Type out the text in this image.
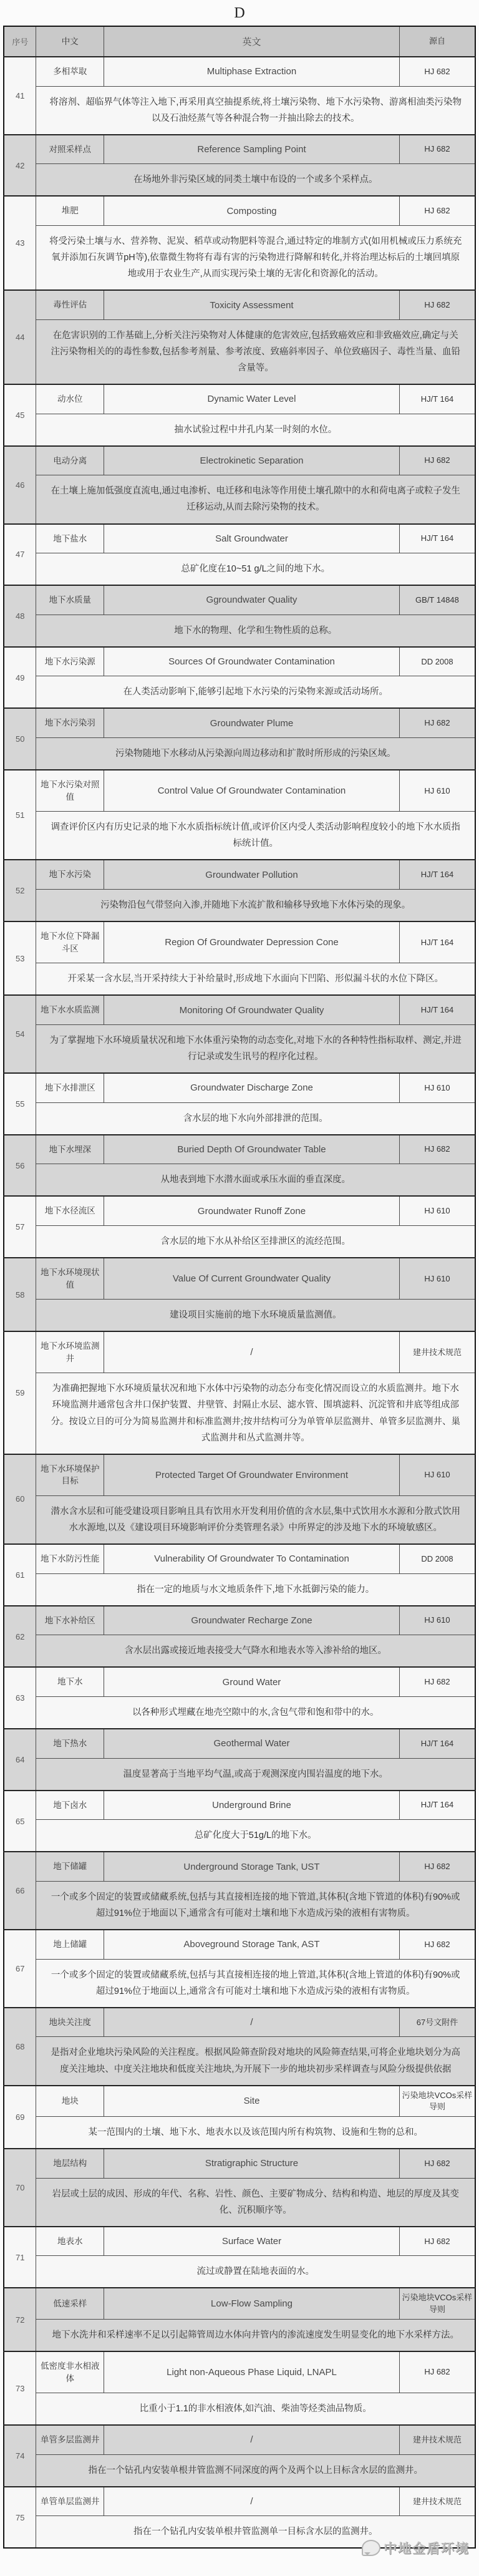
D
序号	中文	英文	源自
41	多相萃取	Multiphase Extraction	HJ 682
	将溶剂、超临界气体等注入地下,再采用真空抽提系统,将土壤污染物、地下水污染物、游离相油类污染物以及石油烃蒸气等各种混合物一并抽出除去的技术。		
42	对照采样点	Reference Sampling Point	HJ 682
	在场地外非污染区域的同类土壤中布设的一个或多个采样点。		
43	堆肥	Composting	HJ 682
	将受污染土壤与水、营养物、泥炭、稻草或动物肥料等混合,通过特定的堆制方式(如用机械或压力系统充氧并添加石灰调节pH等),依靠微生物将有毒有害的污染物进行降解和转化,并将治理达标后的土壤回填原地或用于农业生产,从而实现污染土壤的无害化和资源化的活动。		
44	毒性评估	Toxicity Assessment	HJ 682
	在危害识别的工作基础上,分析关注污染物对人体健康的危害效应,包括致癌效应和非致癌效应,确定与关注污染物相关的的毒性参数,包括参考剂量、参考浓度、致癌斜率因子、单位致癌因子、毒性当量、血铅含量等。		
45	动水位	Dynamic Water Level	HJ/T 164
	抽水试验过程中井孔内某一时刻的水位。		
46	电动分离	Electrokinetic Separation	HJ 682
	在土壤上施加低强度直流电,通过电渗析、电迁移和电泳等作用使土壤孔隙中的水和荷电离子或粒子发生迁移运动,从而去除污染物的技术。		
47	地下盐水	Salt Groundwater	HJ/T 164
	总矿化度在10~51 g/L之间的地下水。		
48	地下水质量	Ggroundwater Quality	GB/T 14848
	地下水的物理、化学和生物性质的总称。		
49	地下水污染源	Sources Of Groundwater Contamination	DD 2008
	在人类活动影响下,能够引起地下水污染的污染物来源或活动场所。		
50	地下水污染羽	Groundwater Plume	HJ 682
	污染物随地下水移动从污染源向周边移动和扩散时所形成的污染区域。		
51	地下水污染对照值	Control Value Of Groundwater Contamination	HJ 610
	调查评价区内有历史记录的地下水水质指标统计值,或评价区内受人类活动影响程度较小的地下水水质指标统计值。		
52	地下水污染	Groundwater Pollution	HJ/T 164
	污染物沿包气带竖向入渗,并随地下水流扩散和输移导致地下水体污染的现象。		
53	地下水位下降漏斗区	Region Of Groundwater Depression Cone	HJ/T 164
	开采某一含水层,当开采持续大于补给量时,形成地下水面向下凹陷、形似漏斗状的水位下降区。		
54	地下水水质监测	Monitoring Of Groundwater Quality	HJ/T 164
	为了掌握地下水环境质量状况和地下水体重污染物的动态变化,对地下水的各种特性指标取样、测定,并进行记录或发生讯号的程序化过程。		
55	地下水排泄区	Groundwater Discharge Zone	HJ 610
	含水层的地下水向外部排泄的范围。		
56	地下水埋深	Buried Depth Of Groundwater Table	HJ 682
	从地表到地下水潜水面或承压水面的垂直深度。		
57	地下水径流区	Groundwater Runoff Zone	HJ 610
	含水层的地下水从补给区至排泄区的流经范围。		
58	地下水环境现状值	Value Of Current Groundwater Quality	HJ 610
	建设项目实施前的地下水环境质量监测值。		
59	地下水环境监测井	/	建井技术规范
	为准确把握地下水环境质量状况和地下水体中污染物的动态分布变化情况而设立的水质监测井。地下水环境监测井通常包含井口保护装置、井壁管、封隔止水层、滤水管、围填滤料、沉淀管和井底等组成部分。按设立目的可分为简易监测井和标准监测井;按井结构可分为单管单层监测井、单管多层监测井、巢式监测井和丛式监测井等。		
60	地下水环境保护目标	Protected Target Of Groundwater Environment	HJ 610
	潜水含水层和可能受建设项目影响且具有饮用水开发利用价值的含水层,集中式饮用水水源和分散式饮用水水源地,以及《建设项目环境影响评价分类管理名录》中所界定的涉及地下水的环境敏感区。		
61	地下水防污性能	Vulnerability Of Groundwater To Contamination	DD 2008
	指在一定的地质与水文地质条件下,地下水抵御污染的能力。		
62	地下水补给区	Groundwater Recharge Zone	HJ 610
	含水层出露或接近地表接受大气降水和地表水等入渗补给的地区。		
63	地下水	Ground Water	HJ 682
	以各种形式埋藏在地壳空隙中的水,含包气带和饱和带中的水。		
64	地下热水	Geothermal Water	HJ/T 164
	温度显著高于当地平均气温,或高于观测深度内围岩温度的地下水。		
65	地下卤水	Underground Brine	HJ/T 164
	总矿化度大于51g/L的地下水。		
66	地下储罐	Underground Storage Tank, UST	HJ 682
	一个或多个固定的装置或储藏系统,包括与其直接相连接的地下管道,其体积(含地下管道的体积)有90%或超过91%位于地面以下,通常含有可能对土壤和地下水造成污染的液相有害物质。		
67	地上储罐	Aboveground Storage Tank, AST	HJ 682
	一个或多个固定的装置或储藏系统,包括与其直接相连接的地上管道,其体积(含地上管道的体积)有90%或超过91%位于地面以上,通常含有可能对土壤和地下水造成污染的液相有害物质。		
68	地块关注度	/	67号文附件
	是指对企业地块污染风险的关注程度。根据风险筛查阶段对地块的风险筛查结果,可将企业地块划分为高度关注地块、中度关注地块和低度关注地块,为开展下一步的地块初步采样调查与风险分级提供依据		
69	地块	Site	污染地块VCOs采样导则
	某一范围内的土壤、地下水、地表水以及该范围内所有构筑物、设施和生物的总和。		
70	地层结构	Stratigraphic Structure	HJ 682
	岩层或土层的成因、形成的年代、名称、岩性、颜色、主要矿物成分、结构和构造、地层的厚度及其变化、沉积顺序等。		
71	地表水	Surface Water	HJ 682
	流过或静置在陆地表面的水。		
72	低速采样	Low-Flow Sampling	污染地块VCOs采样导则
	地下水洗井和采样速率不足以引起筛管周边水体向井管内的渗流速度发生明显变化的地下水采样方法。		
73	低密度非水相液体	Light non-Aqueous Phase Liquid, LNAPL	HJ 682
	比重小于1.1的非水相液体,如汽油、柴油等烃类油品物质。		
74	单管多层监测井	/	建井技术规范
	指在一个钻孔内安装单根井管监测不同深度的两个及两个以上目标含水层的监测井。		
75	单管单层监测井	/	建井技术规范
	指在一个钻孔内安装单根井管监测单一目标含水层的监测井。		
中地金盾环境
